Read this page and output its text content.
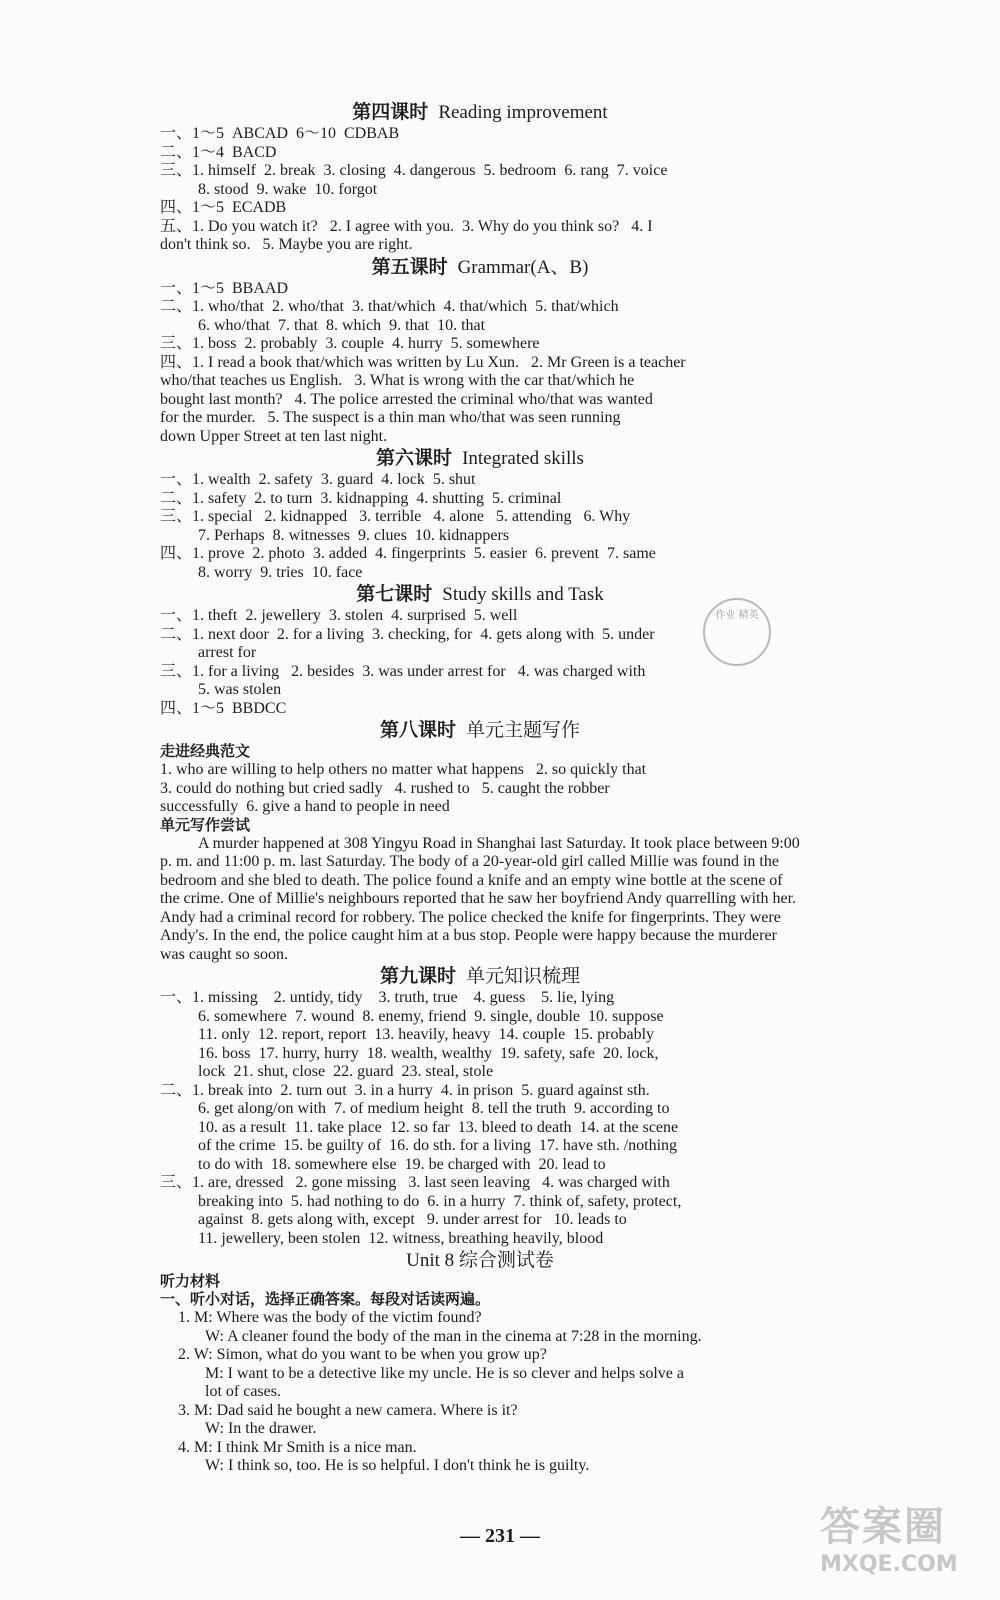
第四课时 Reading improvement
一、1～5  ABCAD  6～10  CDBAB
二、1～4  BACD
三、1. himself  2. break  3. closing  4. dangerous  5. bedroom  6. rang  7. voice
8. stood  9. wake  10. forgot
四、1～5  ECADB
五、1. Do you watch it?   2. I agree with you.  3. Why do you think so?   4. I
don't think so.   5. Maybe you are right.
第五课时 Grammar(A、B)
一、1～5  BBAAD
二、1. who/that  2. who/that  3. that/which  4. that/which  5. that/which
6. who/that  7. that  8. which  9. that  10. that
三、1. boss  2. probably  3. couple  4. hurry  5. somewhere
四、1. I read a book that/which was written by Lu Xun.   2. Mr Green is a teacher
who/that teaches us English.   3. What is wrong with the car that/which he
bought last month?   4. The police arrested the criminal who/that was wanted
for the murder.   5. The suspect is a thin man who/that was seen running
down Upper Street at ten last night.
第六课时 Integrated skills
一、1. wealth  2. safety  3. guard  4. lock  5. shut
二、1. safety  2. to turn  3. kidnapping  4. shutting  5. criminal
三、1. special   2. kidnapped   3. terrible   4. alone   5. attending   6. Why
7. Perhaps  8. witnesses  9. clues  10. kidnappers
四、1. prove  2. photo  3. added  4. fingerprints  5. easier  6. prevent  7. same
8. worry  9. tries  10. face
第七课时 Study skills and Task
一、1. theft  2. jewellery  3. stolen  4. surprised  5. well
二、1. next door  2. for a living  3. checking, for  4. gets along with  5. under
arrest for
三、1. for a living   2. besides  3. was under arrest for   4. was charged with
5. was stolen
四、1～5  BBDCC
第八课时 单元主题写作
走进经典范文
1. who are willing to help others no matter what happens   2. so quickly that
3. could do nothing but cried sadly   4. rushed to   5. caught the robber
successfully  6. give a hand to people in need
单元写作尝试
A murder happened at 308 Yingyu Road in Shanghai last Saturday. It took place between 9:00 p. m. and 11:00 p. m. last Saturday. The body of a 20-year-old girl called Millie was found in the bedroom and she bled to death. The police found a knife and an empty wine bottle at the scene of the crime. One of Millie's neighbours reported that he saw her boyfriend Andy quarrelling with her. Andy had a criminal record for robbery. The police checked the knife for fingerprints. They were Andy's. In the end, the police caught him at a bus stop. People were happy because the murderer was caught so soon.
第九课时 单元知识梳理
一、1. missing    2. untidy, tidy    3. truth, true    4. guess    5. lie, lying
6. somewhere  7. wound  8. enemy, friend  9. single, double  10. suppose
11. only  12. report, report  13. heavily, heavy  14. couple  15. probably
16. boss  17. hurry, hurry  18. wealth, wealthy  19. safety, safe  20. lock,
lock  21. shut, close  22. guard  23. steal, stole
二、1. break into  2. turn out  3. in a hurry  4. in prison  5. guard against sth.
6. get along/on with  7. of medium height  8. tell the truth  9. according to
10. as a result  11. take place  12. so far  13. bleed to death  14. at the scene
of the crime  15. be guilty of  16. do sth. for a living  17. have sth. /nothing
to do with  18. somewhere else  19. be charged with  20. lead to
三、1. are, dressed   2. gone missing   3. last seen leaving   4. was charged with
breaking into  5. had nothing to do  6. in a hurry  7. think of, safety, protect,
against  8. gets along with, except   9. under arrest for   10. leads to
11. jewellery, been stolen  12. witness, breathing heavily, blood
Unit 8 综合测试卷
听力材料
一、听小对话，选择正确答案。每段对话读两遍。
1. M: Where was the body of the victim found?
W: A cleaner found the body of the man in the cinema at 7:28 in the morning.
2. W: Simon, what do you want to be when you grow up?
M: I want to be a detective like my uncle. He is so clever and helps solve a
lot of cases.
3. M: Dad said he bought a new camera. Where is it?
W: In the drawer.
4. M: I think Mr Smith is a nice man.
W: I think so, too. He is so helpful. I don't think he is guilty.
作业 精英
— 231 —	答案圈
MXQE.COM
